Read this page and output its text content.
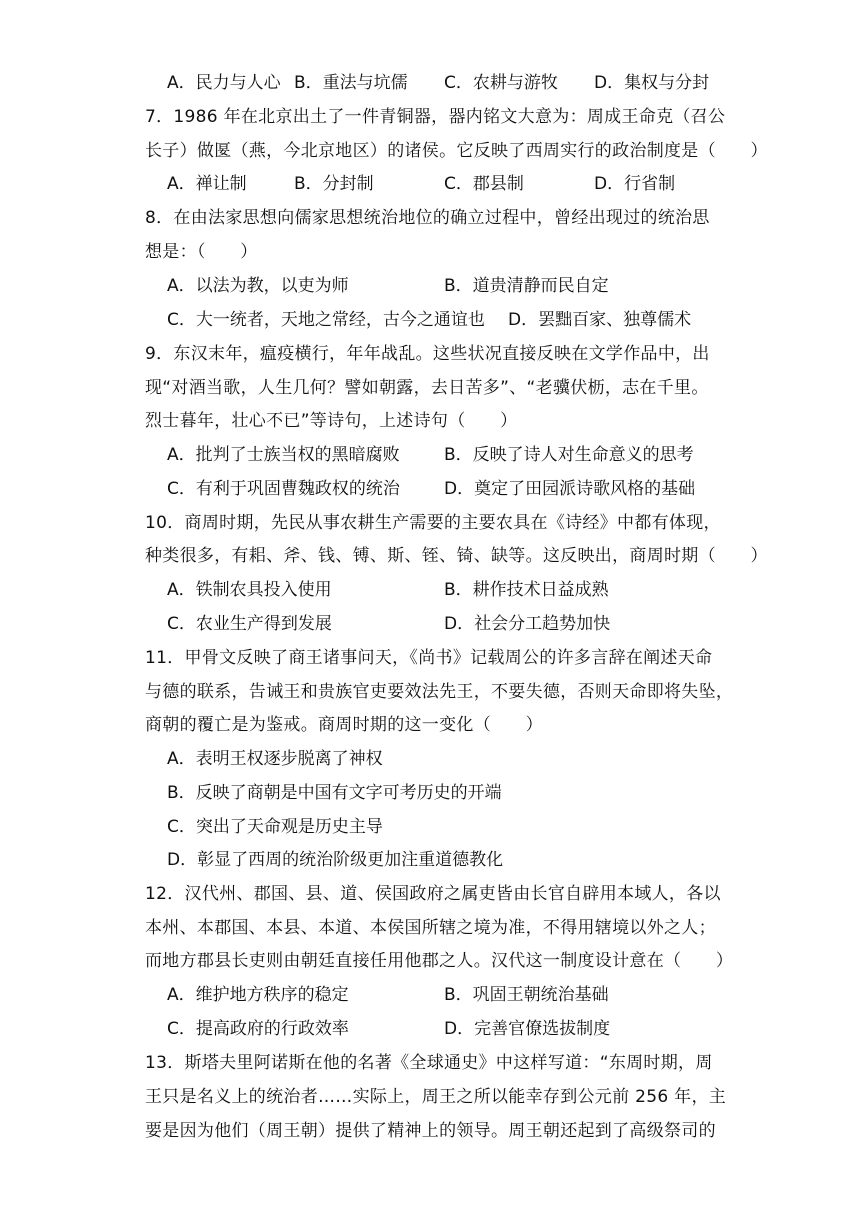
A．民力与人心 B．重法与坑儒 C．农耕与游牧 D．集权与分封
7．1986 年在北京出土了一件青铜器，器内铭文大意为：周成王命克（召公
长子）做匽（燕，今北京地区）的诸侯。它反映了西周实行的政治制度是（　　）
A．禅让制	B．分封制	C．郡县制	D．行省制
8．在由法家思想向儒家思想统治地位的确立过程中，曾经出现过的统治思
想是：（　　）
A．以法为教，以吏为师	B．道贵清静而民自定
C．大一统者，天地之常经，古今之通谊也 D．罢黜百家、独尊儒术
9．东汉末年，瘟疫横行，年年战乱。这些状况直接反映在文学作品中，出
现“对酒当歌，人生几何？譬如朝露，去日苦多”、“老骥伏枥，志在千里。
烈士暮年，壮心不已”等诗句，上述诗句（　　）
A．批判了士族当权的黑暗腐败	B．反映了诗人对生命意义的思考
C．有利于巩固曹魏政权的统治	D．奠定了田园派诗歌风格的基础
10．商周时期，先民从事农耕生产需要的主要农具在《诗经》中都有体现，
种类很多，有耜、斧、钱、镈、斯、铚、锜、缺等。这反映出，商周时期（　　）
A．铁制农具投入使用	B．耕作技术日益成熟
C．农业生产得到发展	D．社会分工趋势加快
11．甲骨文反映了商王诸事问天，《尚书》记载周公的许多言辞在阐述天命
与德的联系，告诫王和贵族官吏要效法先王，不要失德，否则天命即将失坠，
商朝的覆亡是为鉴戒。商周时期的这一变化（　　）
A．表明王权逐步脱离了神权
B．反映了商朝是中国有文字可考历史的开端
C．突出了天命观是历史主导
D．彰显了西周的统治阶级更加注重道德教化
12．汉代州、郡国、县、道、侯国政府之属吏皆由长官自辟用本域人，各以
本州、本郡国、本县、本道、本侯国所辖之境为准，不得用辖境以外之人；
而地方郡县长吏则由朝廷直接任用他郡之人。汉代这一制度设计意在（　　）
A．维护地方秩序的稳定	B．巩固王朝统治基础
C．提高政府的行政效率	D．完善官僚选拔制度
13．斯塔夫里阿诺斯在他的名著《全球通史》中这样写道：“东周时期，周
王只是名义上的统治者……实际上，周王之所以能幸存到公元前 256 年，主
要是因为他们（周王朝）提供了精神上的领导。周王朝还起到了高级祭司的
